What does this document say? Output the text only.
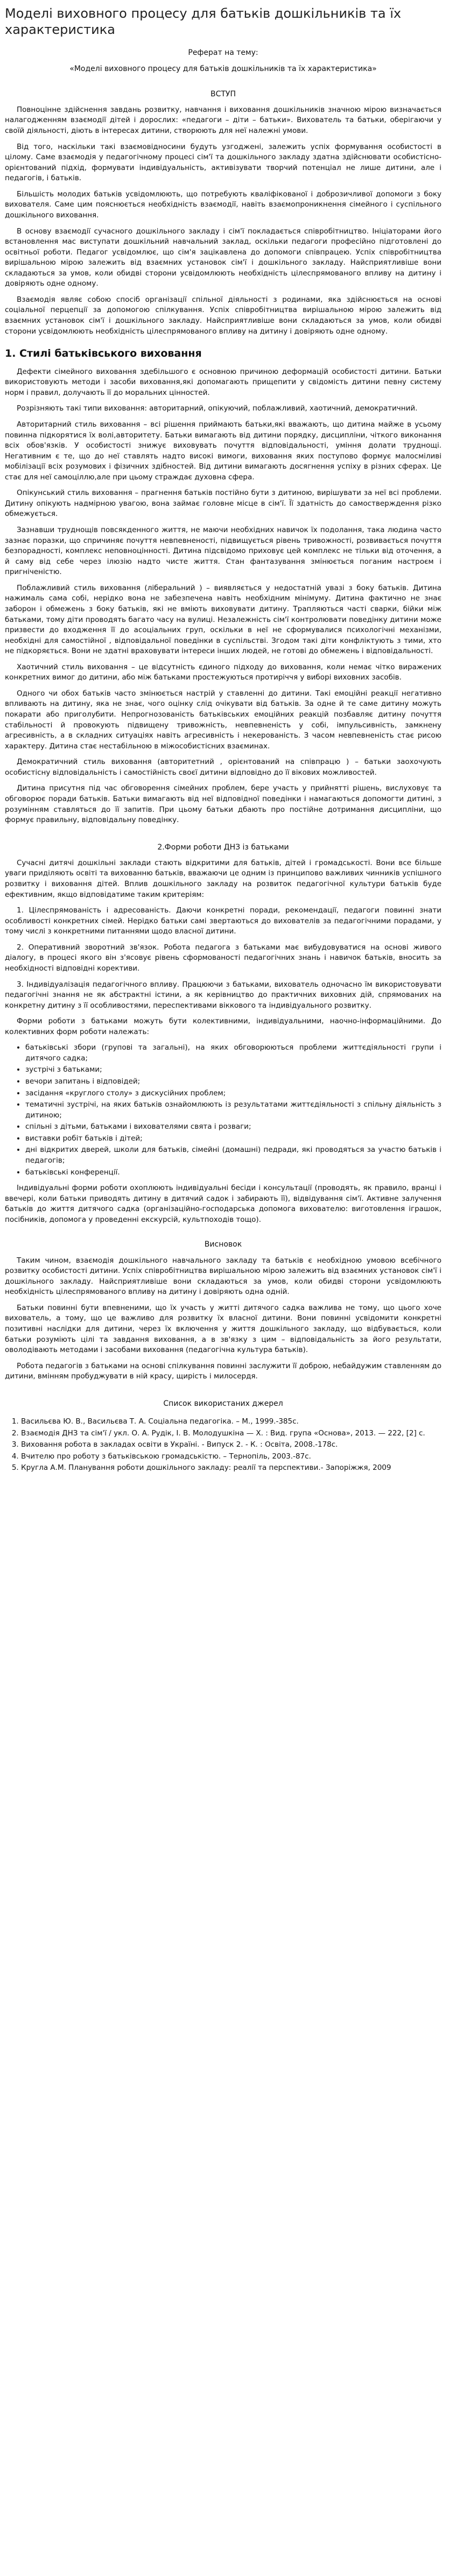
Моделі виховного процесу для батьків дошкільників та їх характеристика
Реферат на тему:
«Моделі виховного процесу для батьків дошкільників та їх характеристика»
ВСТУП

Повноцінне здійснення завдань розвитку, навчання і виховання дошкільників значною мірою визначається налагодженням взаємодії дітей і дорослих: «педагоги – діти – батьки». Вихователь та батьки, оберігаючи у своїй діяльності, діють в інтересах дитини, створюють для неї належні умови.

Від того, наскільки такі взаємовідносини будуть узгоджені, залежить успіх формування особистості в цілому. Саме взаємодія у педагогічному процесі сім'ї та дошкільного закладу здатна здійснювати особистісно-орієнтований підхід, формувати індивідуальність, активізувати творчий потенціал не лише дитини, але і педагогів, і батьків.

Більшість молодих батьків усвідомлюють, що потребують кваліфікованої і доброзичливої допомоги з боку вихователя. Саме цим пояснюється необхідність взаємодії, навіть взаємопроникнення сімейного і суспільного дошкільного виховання.

В основу взаємодії сучасного дошкільного закладу і сім'ї покладається співробітництво. Ініціаторами його встановлення мас виступати дошкільний навчальний заклад, оскільки педагоги професійно підготовлені до освітньої роботи. Педагог усвідомлює, що сім'я зацікавлена до допомоги співпрацею. Успіх співробітництва вирішальною мірою залежить від взаємних установок сім'ї і дошкільного закладу. Найсприятливіше вони складаються за умов, коли обидві сторони усвідомлюють необхідність цілеспрямованого впливу на дитину і довіряють одне одному.

Взаємодія являє собою спосіб організації спільної діяльності з родинами, яка здійснюється на основі соціальної перцепції за допомогою спілкування. Успіх співробітництва вирішальною мірою залежить від взаємних установок сім'ї і дошкільного закладу. Найсприятливіше вони складаються за умов, коли обидві сторони усвідомлюють необхідність цілеспрямованого впливу на дитину і довіряють одне одному.

1. Стилі батьківського виховання

Дефекти сімейного виховання здебільшого є основною причиною деформацій особистості дитини. Батьки використовують методи і засоби виховання,які допомагають прищепити у свідомість дитини певну систему норм і правил, долучають її до моральних цінностей.

Розрізняють такі типи виховання: авторитарний, опікуючий, поблажливий, хаотичний, демократичний.

Авторитарний стиль виховання – всі рішення приймають батьки,які вважають, що дитина майже в усьому повинна підкорятися їх волі,авторитету. Батьки вимагають від дитини порядку, дисципліни, чіткого виконання всіх обов'язків. У особистості знижує виховувать почуття відповідальності, уміння долати труднощі. Негативним є те, що до неї ставлять надто високі вимоги, виховання яких поступово формує малосміливі мобілізації всіх розумових і фізичних здібностей. Від дитини вимагають досягнення успіху в різних сферах. Це стає для неї самоціллю,але при цьому страждає духовна сфера.

Опікунський стиль виховання – прагнення батьків постійно бути з дитиною, вирішувати за неї всі проблеми. Дитину опікують надмірною увагою, вона займає головне місце в сім'ї. Її здатність до самостверждення різко обмежується.

Зазнавши труднощів повсякденного життя, не маючи необхідних навичок їх подолання, така людина часто зазнає поразки, що спричиняє почуття невпевненості, підвищується рівень тривожності, розвивається почуття безпорадності, комплекс неповноцінності. Дитина підсвідомо приховує цей комплекс не тільки від оточення, а й саму від себе через ілюзію надто чисте життя. Стан фантазування змінюється поганим настроєм і пригніченістю.

Поблажливий стиль виховання (ліберальний ) – виявляється у недостатній увазі з боку батьків. Дитина нажималь сама собі, нерідко вона не забезпечена навіть необхідним мінімуму. Дитина фактично не знає заборон і обмежень з боку батьків, які не вміють виховувати дитину. Трапляються часті сварки, бійки між батьками, тому діти проводять багато часу на вулиці. Незалежність сім'ї контролювати поведінку дитини може призвести до входження її до асоціальних груп, оскільки в неї не сформувалися психологічні механізми, необхідні для самостійної , відповідальної поведінки в суспільстві. Згодом такі діти конфліктують з тими, хто не підкоряється. Вони не здатні враховувати інтереси інших людей, не готові до обмежень і відповідальності.

Хаотичний стиль виховання – це відсутність єдиного підходу до виховання, коли немає чітко виражених конкретних вимог до дитини, або між батьками простежуються протиріччя у виборі виховних засобів.

Одного чи обох батьків часто змінюється настрій у ставленні до дитини. Такі емоційні реакції негативно впливають на дитину, яка не знає, чого оцінку слід очікувати від батьків. За одне й те саме дитину можуть покарати або приголубити. Непрогнозованість батьківських емоційних реакцій позбавляє дитину почуття стабільності й провокують підвищену тривожність, невпевненість у собі, імпульсивність, замкнену агресивність, а в складних ситуаціях навіть агресивність і некерованість. З часом невпевненість стає рисою характеру. Дитина стає нестабільною в міжособистісних взаєминах.

Демократичний стиль виховання (авторитетний , орієнтований на співпрацю ) – батьки заохочують особистісну відповідальність і самостійність своєї дитини відповідно до її вікових можливостей.

Дитина присутня під час обговорення сімейних проблем, бере участь у прийнятті рішень, вислуховує та обговорює поради батьків. Батьки вимагають від неї відповідної поведінки і намагаються допомогти дитині, з розумінням ставляться до її запитів. При цьому батьки дбають про постійне дотримання дисципліни, що формує правильну, відповідальну поведінку.

2.Форми роботи ДНЗ із батьками

Сучасні дитячі дошкільні заклади стають відкритими для батьків, дітей і громадськості. Вони все більше уваги приділяють освіті та вихованню батьків, вважаючи це одним із принципово важливих чинників успішного розвитку і виховання дітей. Вплив дошкільного закладу на розвиток педагогічної культури батьків буде ефективним, якщо відповідатиме таким критеріям:

1. Цілеспрямованість і адресованість. Даючи конкретні поради, рекомендації, педагоги повинні знати особливості конкретних сімей. Нерідко батьки самі звертаються до вихователів за педагогічними порадами, у тому числі з конкретними питаннями щодо власної дитини.

2. Оперативний зворотний зв'язок. Робота педагога з батьками має вибудовуватися на основі живого діалогу, в процесі якого він з'ясовує рівень сформованості педагогічних знань і навичок батьків, вносить за необхідності відповідні корективи.

3. Індивідуалізація педагогічного впливу. Працюючи з батьками, вихователь одночасно їм використовувати педагогічні знання не як абстрактні істини, а як керівництво до практичних виховних дій, спрямованих на конкретну дитину з її особливостями, переспективами віккового та індивідуального розвитку.

Форми роботи з батьками можуть бути колективними, індивідуальними, наочно-інформаційними. До колективних форм роботи належать:

• батьківські збори (групові та загальні), на яких обговорюються проблеми життєдіяльності групи і дитячого садка;
• зустрічі з батьками;
• вечори запитань і відповідей;
• засідання «круглого столу» з дискусійних проблем;
• тематичні зустрічі, на яких батьків ознайомлюють із результатами життєдіяльності з спільну діяльність з дитиною;
• спільні з дітьми, батьками і вихователями свята і розваги;
• виставки робіт батьків і дітей;
• дні відкритих дверей, школи для батьків, сімейні (домашні) педради, які проводяться за участю батьків і педагогів;
• батьківські конференції.

Індивідуальні форми роботи охоплюють індивідуальні бесіди і консультації (проводять, як правило, вранці і ввечері, коли батьки приводять дитину в дитячий садок і забирають її), відвідування сім'ї. Активне залучення батьків до життя дитячого садка (організаційно-господарська допомога вихователю: виготовлення іграшок, посібників, допомога у проведенні екскурсій, культпоходів тощо).

Висновок

Таким чином, взаємодія дошкільного навчального закладу та батьків є необхідною умовою всебічного розвитку особистості дитини. Успіх співробітництва вирішальною мірою залежить від взаємних установок сім'ї і дошкільного закладу. Найсприятливіше вони складаються за умов, коли обидві сторони усвідомлюють необхідність цілеспрямованого впливу на дитину і довіряють одна одній.

Батьки повинні бути впевненими, що їх участь у житті дитячого садка важлива не тому, що цього хоче вихователь, а тому, що це важливо для розвитку їх власної дитини. Вони повинні усвідомити конкретні позитивні наслідки для дитини, через їх включення у життя дошкільного закладу, що відбувається, коли батьки розуміють цілі та завдання виховання, а в зв'язку з цим – відповідальність за його результати, оволодівають методами і засобами виховання (педагогічна культура батьків).

Робота педагогів з батьками на основі спілкування повинні заслужити її доброю, небайдужим ставленням до дитини, вмінням пробуджувати в ній красу, щирість і милосердя.

Список використаних джерел
1. Васильєва Ю. В., Васильєва Т. А. Соціальна педагогіка. – М., 1999.-385с.
2. Взаємодія ДНЗ та сім'ї / укл. О. А. Рудік, І. В. Молодушкіна — Х. : Вид. група «Основа», 2013. — 222, [2] с.
3. Виховання робота в закладах освіти в Україні. - Випуск 2. - К. : Освіта, 2008.-178с.
4. Вчителю про роботу з батьківською громадськістю. – Тернопіль, 2003.-87с.
5. Кругла А.М. Планування роботи дошкільного закладу: реалії та перспективи.- Запоріжжя, 2009
